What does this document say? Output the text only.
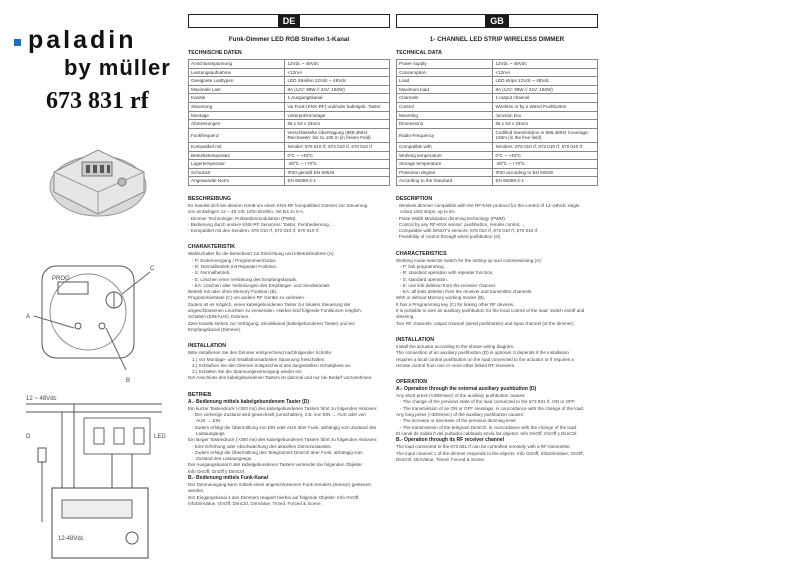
paladin
by müller
673 831 rf
PROG
C
A
B
12 ~ 48Vdc
LED
D
12-48Vdc
DE
Funk-Dimmer LED RGB Streifen 1-Kanal
TECHNISCHE DATEN
Anschlussspannung	12Vdc ~ 48Vdc
Leistungsaufnahme	<12mA
Geeignete Lasttypen	LED Streifen 12Vdc ~ 48Vdc
Maximale Last	8A (12V: 96W // 24V: 192W)
Kanäle	1 Ausgangskanal
Steuerung	via Funk (KNX-RF) und/oder kabelgeb. Taster
Montage	Unterputzmontage
Abmessungen	55 x 53 x 34mm
Funkfrequenz	Verschlüsselte Übertragung (868,4MHz Reichweite: bis zu 100 m (in freiem Feld)
Kompatibel mit	Sender: 676 010 rf, 673 010 rf, 670 010 rf
Betriebstemperatur	0ºC ~ +40ºC
Lagertemperatur	-30ºC ~ +70ºC
Schutzart	IP20 gemäß EN 60529
Angewandte Norm	EN 60669-2-1
BESCHREIBUNG
Es handelt sich bei diesem Gerät um einen KNX-RF kompatiblen Dimmer zur Steuerung
von einfarbigen 12 ~ 48 Vdc LED-Streifen, mit bis zu 8 A.
· Dimmer Technologie: Pulsweitenmodulation (PWM).
· Bedienung durch andere KNX-RF Sensoren: Taster, Fernbedienung, ...
· Kompatibel mit den Sendern: 676 010 rf, 673 010 rf, 670 010 rf.
CHARAKTERISTIK
Wahlschalter für die Betriebsart zur Einrichtung und Inbetriebnahme (A):
- P: Einlernvorgang / Programmiermodus.
- R: Normalbetrieb mit Repeater Funktion.
- S: Normalbetrieb.
- E: Löschen einer Verlinkung des Empfangskanals.
- EA: Löschen aller Verlinkungen des Empfänger- und Sendekanals.
Betrieb mit oder ohne Memory Funktion (B).
Programmiertaste (C) um andere RF Geräte zu verlinken.
Zudem ist es möglich, einen kabelgebundenen Taster zur lokalen Steuerung der
angeschlossenen Leuchten zu verwenden. Hierbei sind folgende Funktionen möglich:
Schalten (EIN/AUS), Dimmen.
Zwei Kanäle stehen zur Verfügung: Sendekanal (kabelgebundener Taster) und ein
Empfangskanal (Dimmer).
INSTALLATION
Bitte installieren Sie den Dimmer entsprechend nachfolgender Schritte:
1.) Vor Montage- und Installationsarbeiten Spannung freischalten.
2.) Schließen Sie den Dimmer entsprechend des dargestellten Schaltplans an.
3.) Schalten Sie die Spannungsversorgung wieder ein.
Der Anschluss des kabelgebundenen Tasters ist optional und nur bei Bedarf vorzunehmen.
BETRIEB
A.- Bedienung mittels kabelgebundenem Taster (D)
Ein kurzer Tastendruck (<300 ms) des kabelgebundenen Tasters führt zu folgenden Aktionen:
- Der vorherige Zustand wird gewechselt (umschalten), z.B. von EIN → AUS oder von
AUS → EIN.
- Zudem erfolgt die Übermittlung von EIN oder AUS über Funk, abhängig vom Zustand des
Lastausgangs.
Ein langer Tastendruck (>300 ms) des kabelgebundenen Tasters führt zu folgenden Aktionen:
- Eine Erhöhung oder Abschwächung des aktuellen Dimmzustandes.
- Zudem erfolgt die Übermittlung des Telegramms DimCtrl über Funk, abhängig vom
Zustand des Lastausgangs.
Der Ausgangskanal 0 des kabelgebundenen Tasters versendet die folgenden Objekte:
Info OnOff, OnOff y DimCtrl.
B.- Bedienung mittels Funk-Kanal
Der Dimmausgang kann mittels eines angeschlossenen Funk-Senders (Sensor) gesteuert
werden.
Der Eingangskanal 1 des Dimmers reagiert hierbei auf folgende Objekte: Info OnOff,
InfoDimValue, OnOff, DimCtrl, DimValue, Timed, Forced & Scene.
GB
1- CHANNEL LED STRIP WIRELESS DIMMER
TECHNICAL DATA
Power supply	12Vdc ~ 48Vdc
Consumption	<12mA
Load	LED strips 12Vdc ~ 48Vdc
Maximum load	8A (12V: 96W // 24V: 192W)
Channels	1 output channel
Control	Wireless or by a Wired Pushbutton
Mounting	Junction box
Dimensions	55 x 53 x 34mm
Radio-Frequency	Codified transmission in 868,4MHz Coverage: 100m (in the free field)
Compatible with	Senders: 676 010 rf, 673 010 rf, 670 010 rf
Working temperature	0ºC ~ +40ºC
Storage temperature	-30ºC ~ +70ºC
Protection degree	IP20 according to EN 60529
According to the Standard	EN 60669-2-1
DESCRIPTION
· Wireless dimmer compatible with the RF-KNX protocol for the control of 12~48Vdc single
colour LED strips, up to 8A.
· Pulse Width Modulation dimming technology (PWM).
· Control by any RF-KNX sensor: pushbutton, remote control, ...
· Compatible with DINUY's sensors: 676 010 rf, 673 010 rf, 670 010 rf.
· Possibility of control through wired pushbutton (D).
CHARACTERISTICS
Working mode selector switch for the setting-up and commissioning (A):
- P: link programming.
- R: standard operation with repeater function.
- S: standard operation.
- E: one link deletion from the receiver channel.
- EA: all links deletion from the receiver and transmitter channels.
With or without Memory working modes (B).
It has a Programming key (C) for linking other RF devices.
It is possible to wire an auxiliary pushbutton for the local control of the load: switch on/off and
dimming.
Two RF channels: output channel (wired pushbutton) and input channel (of the dimmer).
INSTALLATION
Install the actuator according to the shown wiring diagram.
The connection of an auxiliary pushbutton (D) is optional. It depends if the installation
requires a local control pushbutton on the load connected to the actuator or if requires a
remote control from one or more other linked RF receivers.
OPERATION
A.- Operation through the external auxiliary pushbutton (D)
Any short press (<300msec) of the auxiliary pushbutton causes:
- The change of the previous state of the load connected to the 673 831 rf. ON or OFF.
- The transmission of an ON or OFF message, in concordance with the change of the load.
Any long press (>300msec) of the auxiliary pushbutton causes:
- The increase or decrease of the previous dimming level.
- The transmission of the telegram DimCtrl, in concordance with the change of the load.
El canal de salida 0 del pulsador cableado envía los objetos: Info OnOff, OnOff y DimCtrl.
B.- Operation through its RF receiver channel
The load connected to the 673 831 rf can be controlled remotely with a RF transmitter.
The input channel 1 of the dimmer responds to the objects: Info OnOff, InfoDimValue, OnOff,
DimCtrl, DimValue, Timed, Forced & Scene.
